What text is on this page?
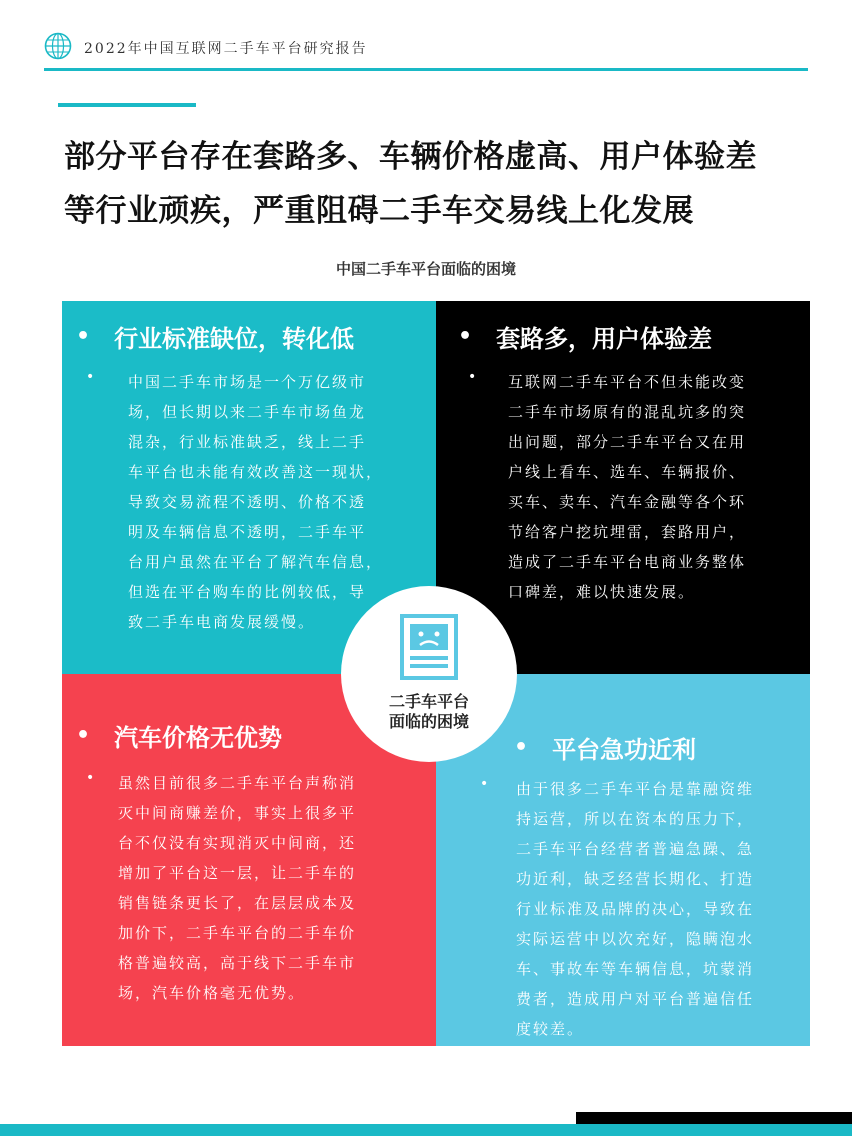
2022年中国互联网二手车平台研究报告
部分平台存在套路多、车辆价格虚高、用户体验差
等行业顽疾，严重阻碍二手车交易线上化发展
中国二手车平台面临的困境
• 行业标准缺位，转化低
• 中国二手车市场是一个万亿级市
场，但长期以来二手车市场鱼龙
混杂，行业标准缺乏，线上二手
车平台也未能有效改善这一现状，
导致交易流程不透明、价格不透
明及车辆信息不透明，二手车平
台用户虽然在平台了解汽车信息，
但选在平台购车的比例较低，导
致二手车电商发展缓慢。

• 套路多，用户体验差
• 互联网二手车平台不但未能改变
二手车市场原有的混乱坑多的突
出问题，部分二手车平台又在用
户线上看车、选车、车辆报价、
买车、卖车、汽车金融等各个环
节给客户挖坑埋雷，套路用户，
造成了二手车平台电商业务整体
口碑差，难以快速发展。

• 汽车价格无优势
• 虽然目前很多二手车平台声称消
灭中间商赚差价，事实上很多平
台不仅没有实现消灭中间商，还
增加了平台这一层，让二手车的
销售链条更长了，在层层成本及
加价下，二手车平台的二手车价
格普遍较高，高于线下二手车市
场，汽车价格毫无优势。

• 平台急功近利
• 由于很多二手车平台是靠融资维
持运营，所以在资本的压力下，
二手车平台经营者普遍急躁、急
功近利，缺乏经营长期化、打造
行业标准及品牌的决心，导致在
实际运营中以次充好，隐瞒泡水
车、事故车等车辆信息，坑蒙消
费者，造成用户对平台普遍信任
度较差。

二手车平台
面临的困境
